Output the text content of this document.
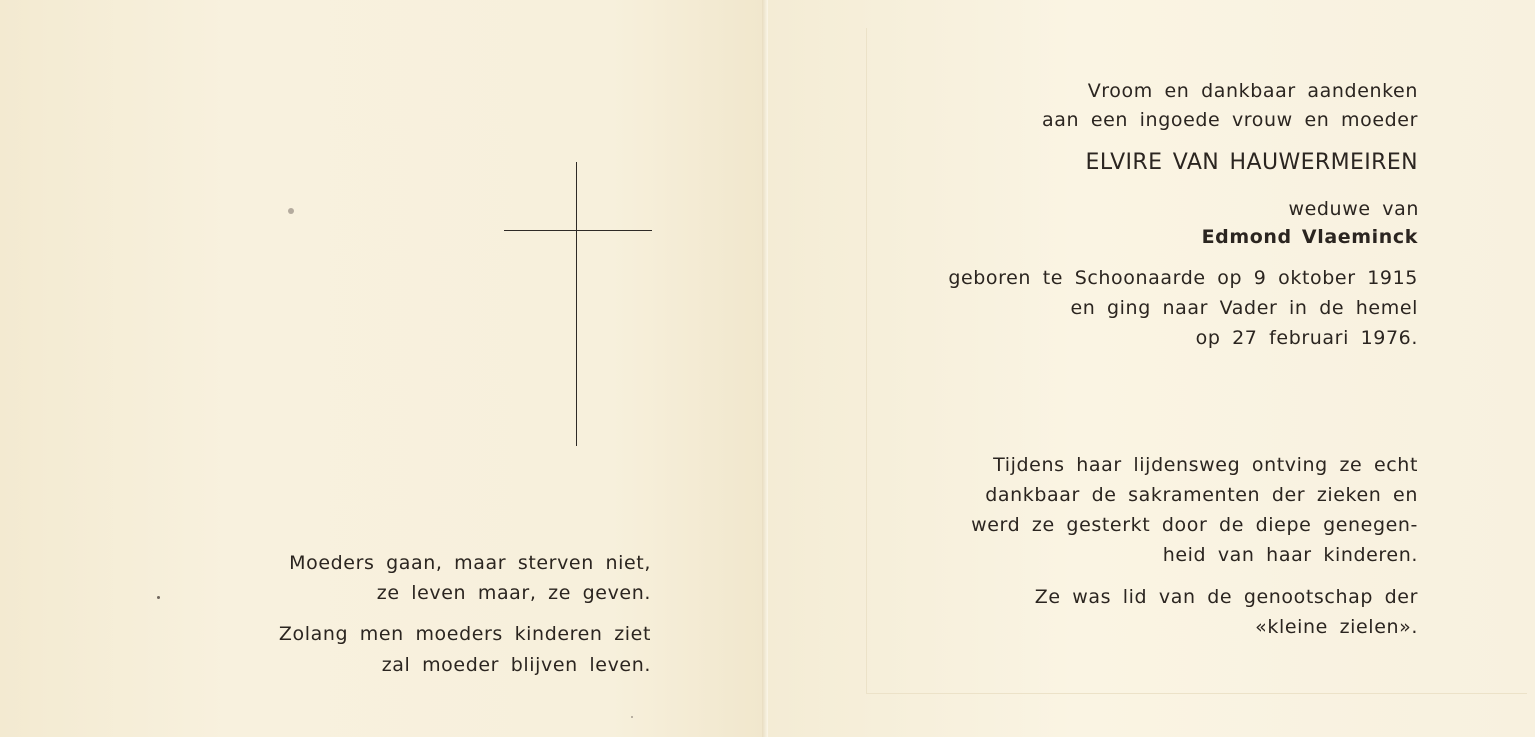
Moeders gaan, maar sterven niet,
ze leven maar, ze geven.
Zolang men moeders kinderen ziet
zal moeder blijven leven.
Vroom en dankbaar aandenken
aan een ingoede vrouw en moeder
ELVIRE VAN HAUWERMEIREN
weduwe van
Edmond Vlaeminck
geboren te Schoonaarde op 9 oktober 1915
en ging naar Vader in de hemel
op 27 februari 1976.
Tijdens haar lijdensweg ontving ze echt
dankbaar de sakramenten der zieken en
werd ze gesterkt door de diepe genegen-
heid van haar kinderen.
Ze was lid van de genootschap der
«kleine zielen».
